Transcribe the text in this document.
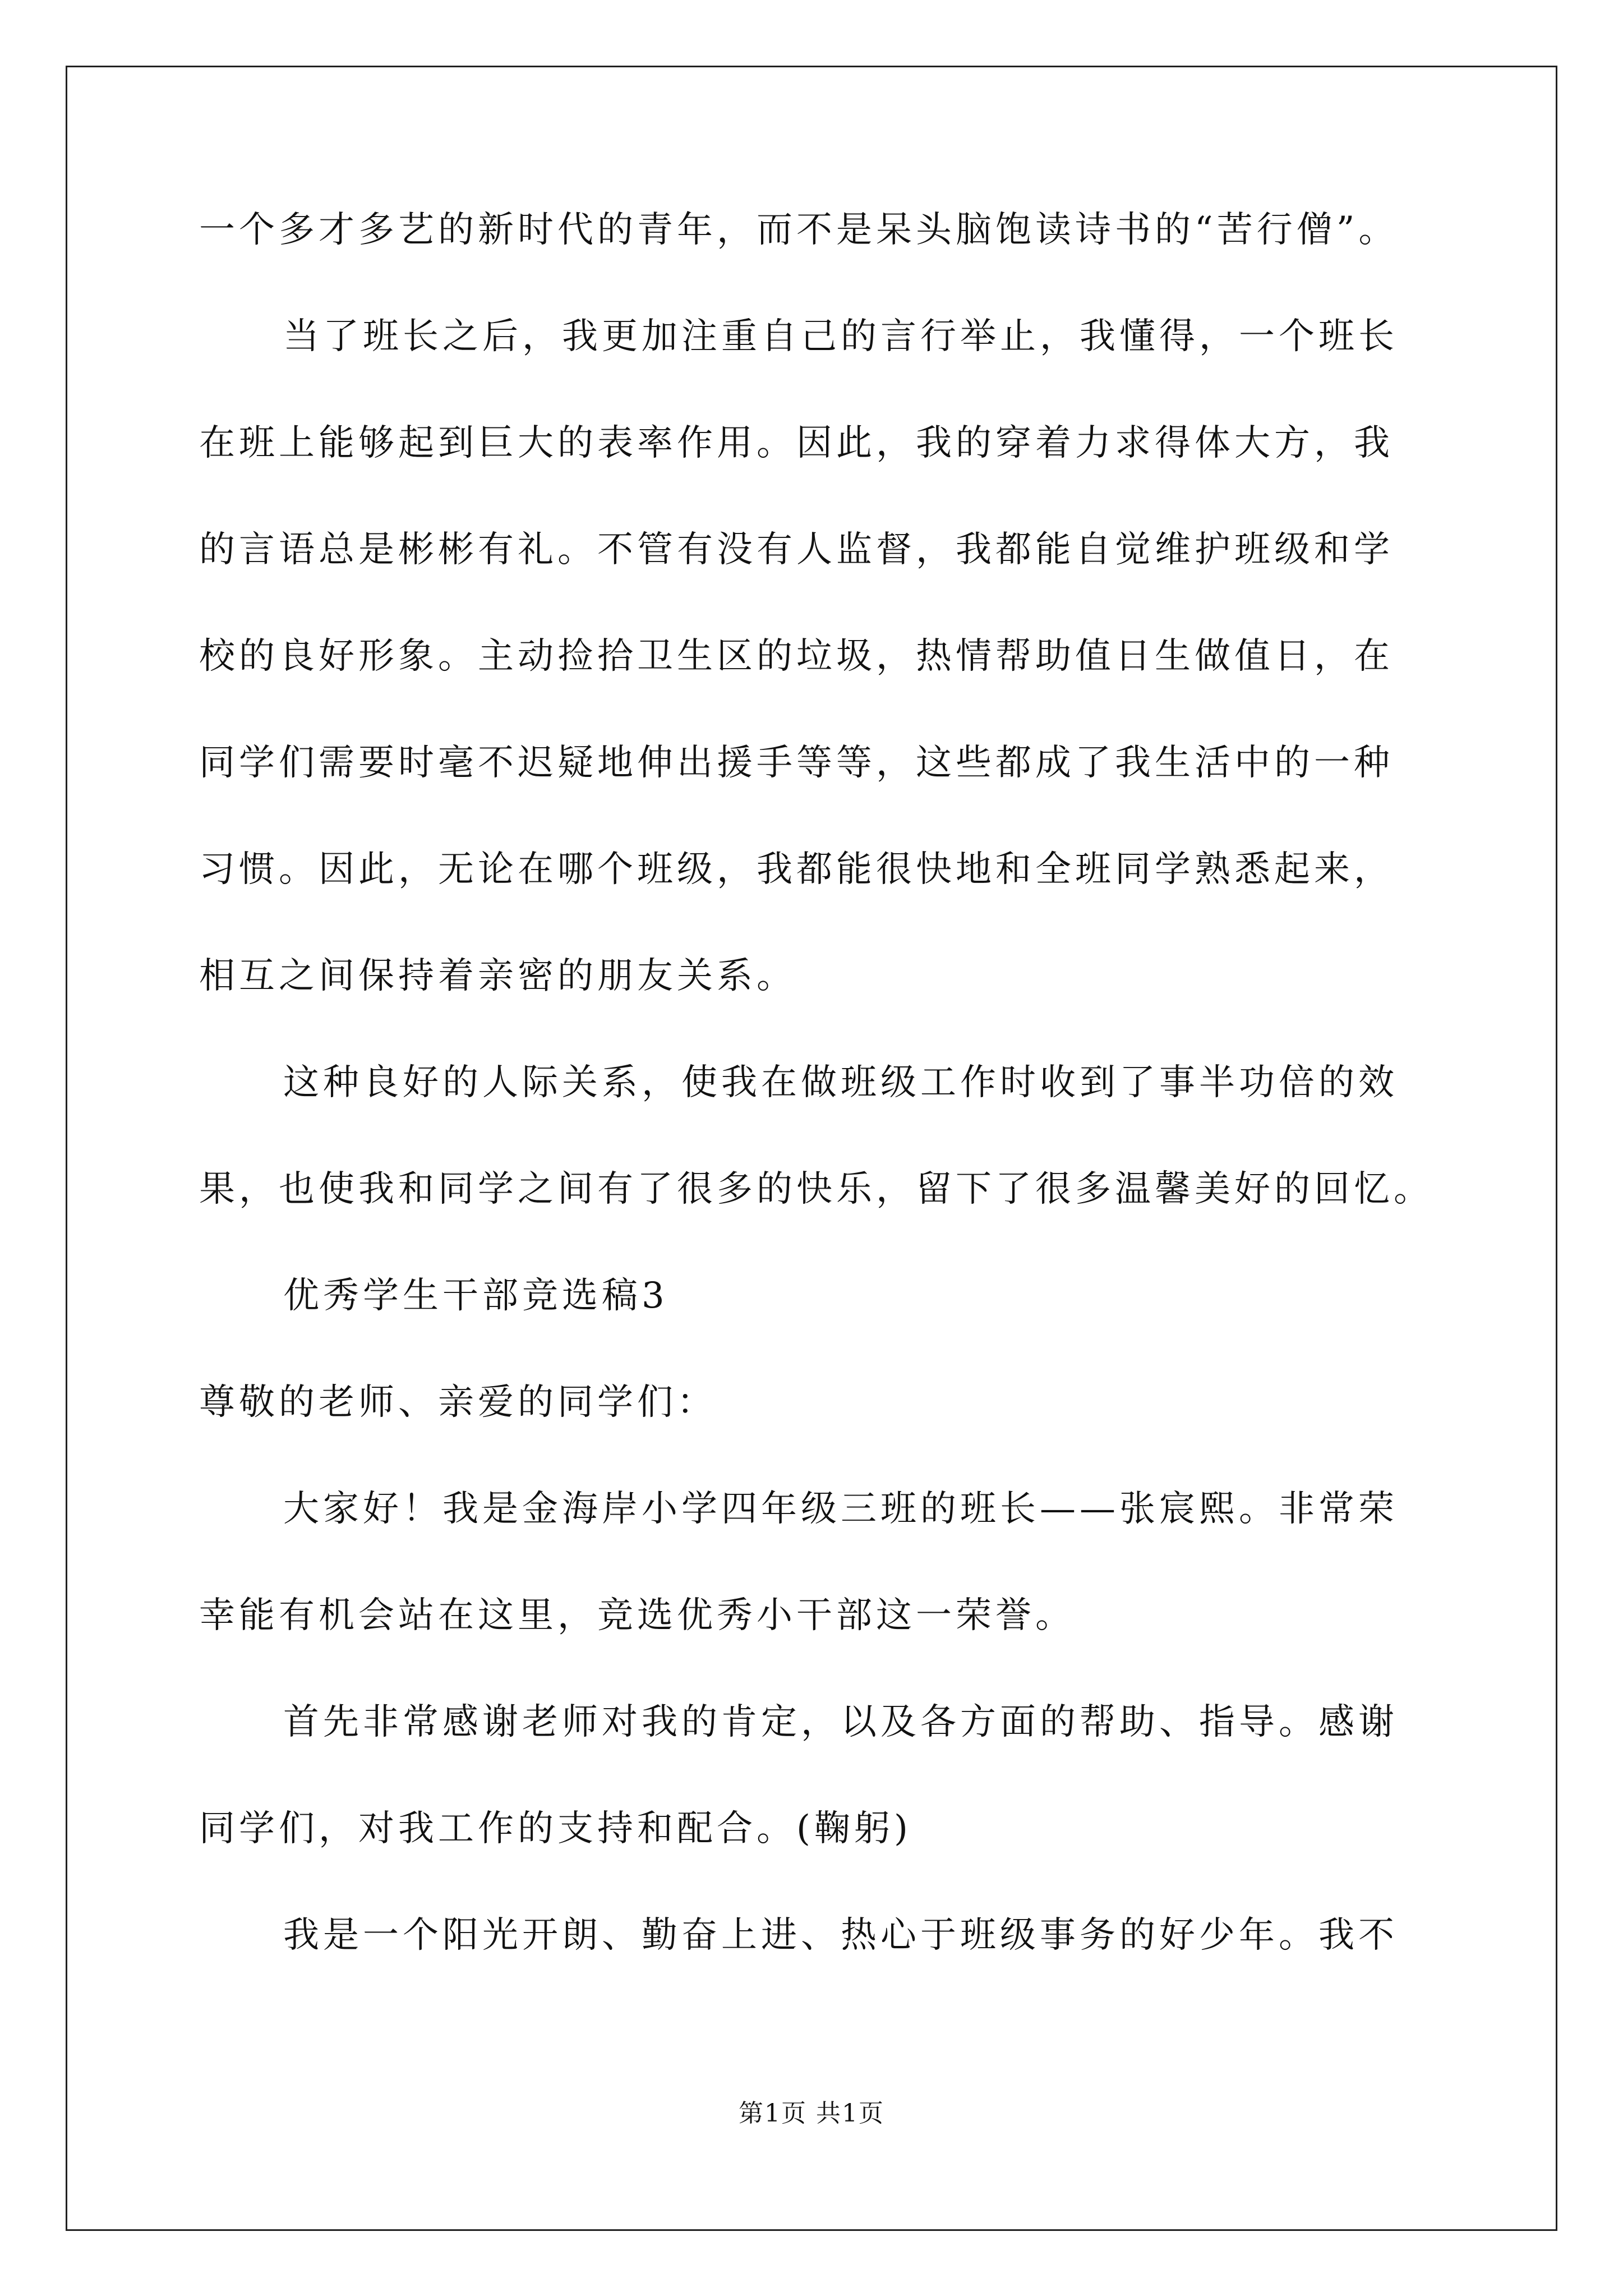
一个多才多艺的新时代的青年，而不是呆头脑饱读诗书的“苦行僧”。
当了班长之后，我更加注重自己的言行举止，我懂得，一个班长
在班上能够起到巨大的表率作用。因此，我的穿着力求得体大方，我
的言语总是彬彬有礼。不管有没有人监督，我都能自觉维护班级和学
校的良好形象。主动捡拾卫生区的垃圾，热情帮助值日生做值日，在
同学们需要时毫不迟疑地伸出援手等等，这些都成了我生活中的一种
习惯。因此，无论在哪个班级，我都能很快地和全班同学熟悉起来，
相互之间保持着亲密的朋友关系。
这种良好的人际关系，使我在做班级工作时收到了事半功倍的效
果，也使我和同学之间有了很多的快乐，留下了很多温馨美好的回忆。
优秀学生干部竞选稿3
尊敬的老师、亲爱的同学们：
大家好！我是金海岸小学四年级三班的班长——张宸熙。非常荣
幸能有机会站在这里，竞选优秀小干部这一荣誉。
首先非常感谢老师对我的肯定，以及各方面的帮助、指导。感谢
同学们，对我工作的支持和配合。(鞠躬)
我是一个阳光开朗、勤奋上进、热心于班级事务的好少年。我不
第1页 共1页
